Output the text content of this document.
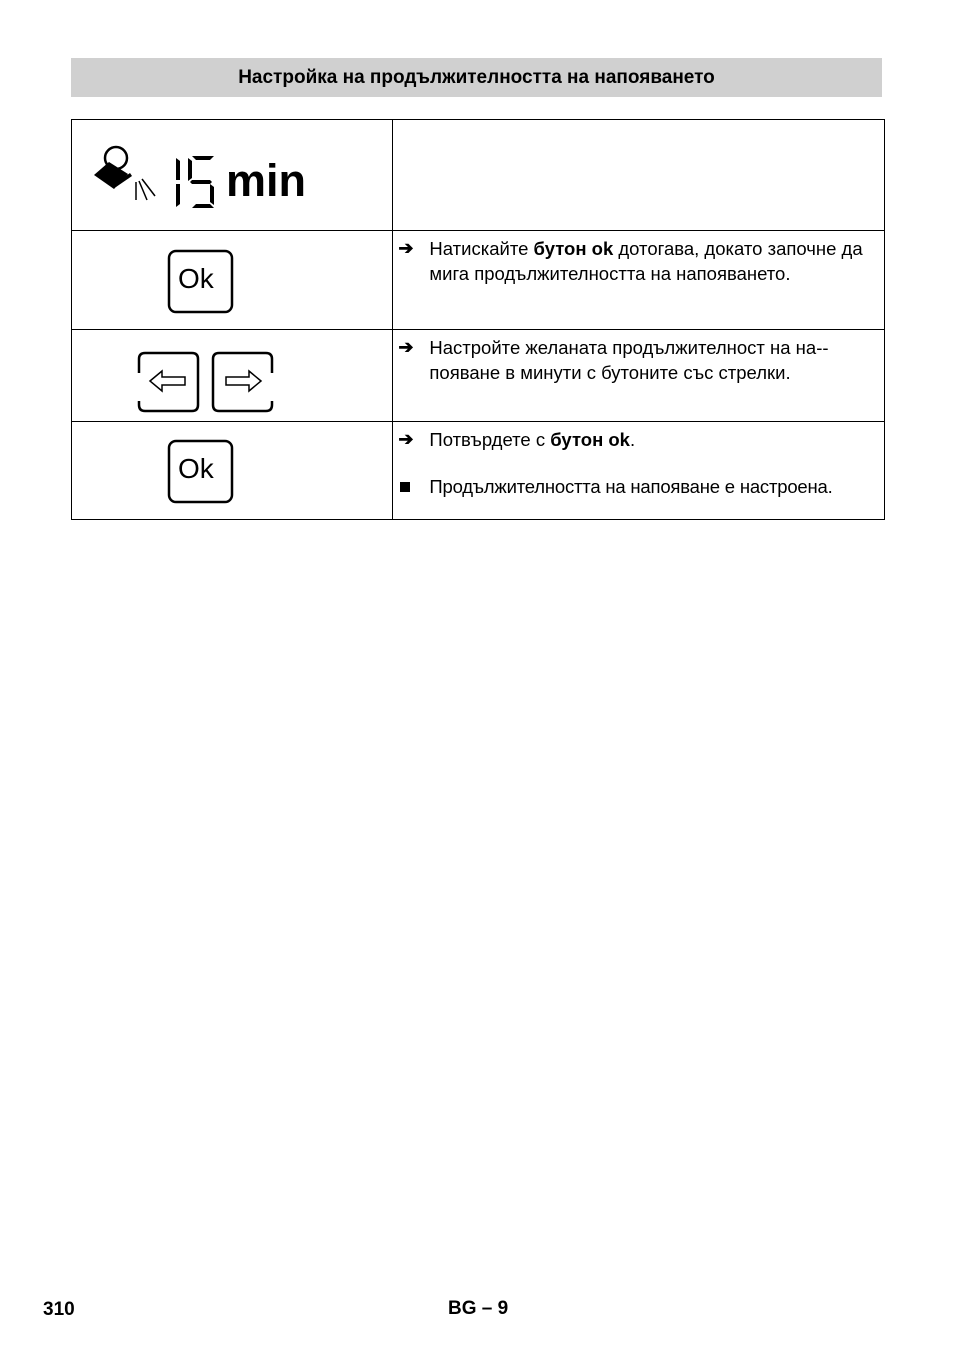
Настройка на продължителността на напояването
min	

Ok	➔ Натискайте бутон ok дотогава, докато започне да мига продължителността на напояването.

➔ Настройте желаната продължителност на на-появане в минути с бутоните със стрелки.

Ok	➔ Потвърдете с бутон ok.
Продължителността на напояване е настроена.
310	BG – 9
